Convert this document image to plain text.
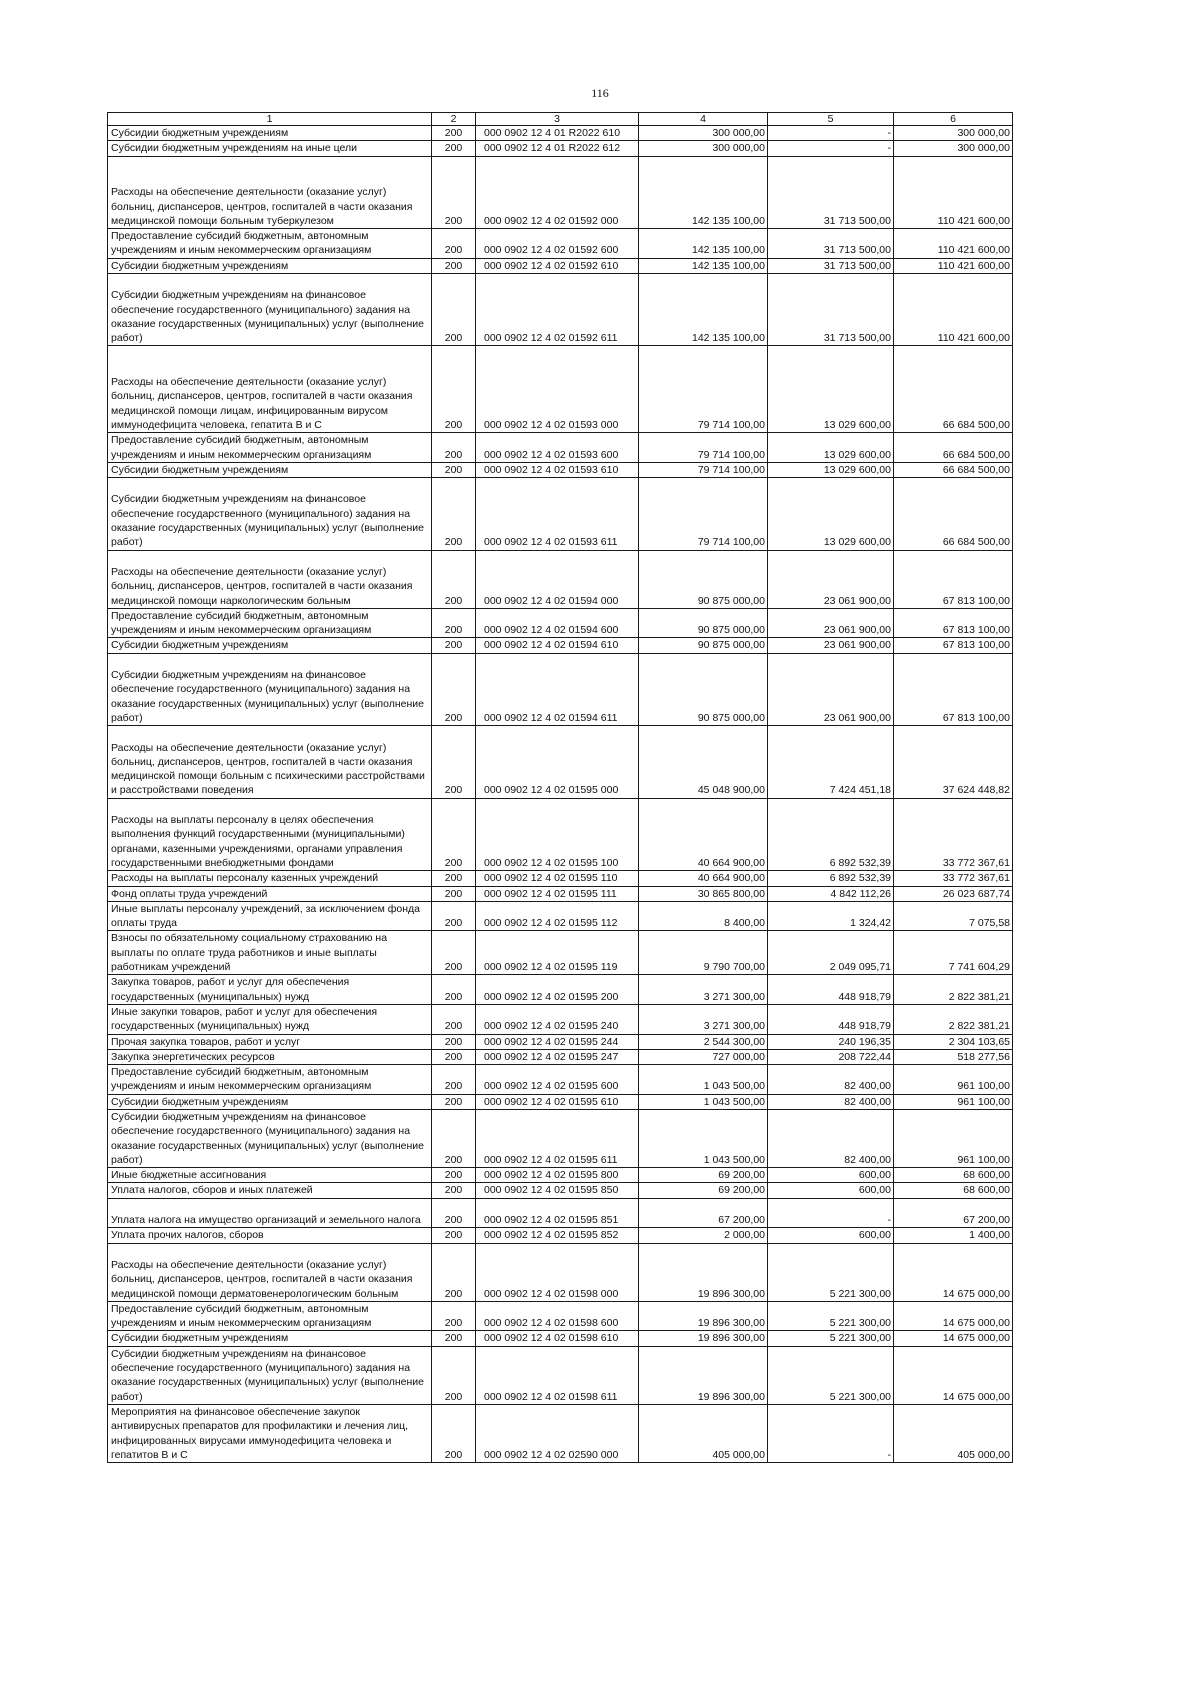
116
1	2	3	4	5	6
Субсидии бюджетным учреждениям	200	000 0902 12 4 01 R2022 610	300 000,00	-	300 000,00
Субсидии бюджетным учреждениям на иные цели	200	000 0902 12 4 01 R2022 612	300 000,00	-	300 000,00
Расходы на обеспечение деятельности (оказание услуг) больниц, диспансеров, центров, госпиталей в части оказания медицинской помощи больным туберкулезом	200	000 0902 12 4 02 01592 000	142 135 100,00	31 713 500,00	110 421 600,00
Предоставление субсидий бюджетным, автономным учреждениям и иным некоммерческим организациям	200	000 0902 12 4 02 01592 600	142 135 100,00	31 713 500,00	110 421 600,00
Субсидии бюджетным учреждениям	200	000 0902 12 4 02 01592 610	142 135 100,00	31 713 500,00	110 421 600,00
Субсидии бюджетным учреждениям на финансовое обеспечение государственного (муниципального) задания на оказание государственных (муниципальных) услуг (выполнение работ)	200	000 0902 12 4 02 01592 611	142 135 100,00	31 713 500,00	110 421 600,00
Расходы на обеспечение деятельности (оказание услуг) больниц, диспансеров, центров, госпиталей в части оказания медицинской помощи лицам, инфицированным вирусом иммунодефицита человека, гепатита В и С	200	000 0902 12 4 02 01593 000	79 714 100,00	13 029 600,00	66 684 500,00
Предоставление субсидий бюджетным, автономным учреждениям и иным некоммерческим организациям	200	000 0902 12 4 02 01593 600	79 714 100,00	13 029 600,00	66 684 500,00
Субсидии бюджетным учреждениям	200	000 0902 12 4 02 01593 610	79 714 100,00	13 029 600,00	66 684 500,00
Субсидии бюджетным учреждениям на финансовое обеспечение государственного (муниципального) задания на оказание государственных (муниципальных) услуг (выполнение работ)	200	000 0902 12 4 02 01593 611	79 714 100,00	13 029 600,00	66 684 500,00
Расходы на обеспечение деятельности (оказание услуг) больниц, диспансеров, центров, госпиталей в части оказания медицинской помощи наркологическим больным	200	000 0902 12 4 02 01594 000	90 875 000,00	23 061 900,00	67 813 100,00
Предоставление субсидий бюджетным, автономным учреждениям и иным некоммерческим организациям	200	000 0902 12 4 02 01594 600	90 875 000,00	23 061 900,00	67 813 100,00
Субсидии бюджетным учреждениям	200	000 0902 12 4 02 01594 610	90 875 000,00	23 061 900,00	67 813 100,00
Субсидии бюджетным учреждениям на финансовое обеспечение государственного (муниципального) задания на оказание государственных (муниципальных) услуг (выполнение работ)	200	000 0902 12 4 02 01594 611	90 875 000,00	23 061 900,00	67 813 100,00
Расходы на обеспечение деятельности (оказание услуг) больниц, диспансеров, центров, госпиталей в части оказания медицинской помощи больным с психическими расстройствами и расстройствами поведения	200	000 0902 12 4 02 01595 000	45 048 900,00	7 424 451,18	37 624 448,82
Расходы на выплаты персоналу в целях обеспечения выполнения функций государственными (муниципальными) органами, казенными учреждениями, органами управления государственными внебюджетными фондами	200	000 0902 12 4 02 01595 100	40 664 900,00	6 892 532,39	33 772 367,61
Расходы на выплаты персоналу казенных учреждений	200	000 0902 12 4 02 01595 110	40 664 900,00	6 892 532,39	33 772 367,61
Фонд оплаты труда учреждений	200	000 0902 12 4 02 01595 111	30 865 800,00	4 842 112,26	26 023 687,74
Иные выплаты персоналу учреждений, за исключением фонда оплаты труда	200	000 0902 12 4 02 01595 112	8 400,00	1 324,42	7 075,58
Взносы по обязательному социальному страхованию на выплаты по оплате труда работников и иные выплаты работникам учреждений	200	000 0902 12 4 02 01595 119	9 790 700,00	2 049 095,71	7 741 604,29
Закупка товаров, работ и услуг для обеспечения государственных (муниципальных) нужд	200	000 0902 12 4 02 01595 200	3 271 300,00	448 918,79	2 822 381,21
Иные закупки товаров, работ и услуг для обеспечения государственных (муниципальных) нужд	200	000 0902 12 4 02 01595 240	3 271 300,00	448 918,79	2 822 381,21
Прочая закупка товаров, работ и услуг	200	000 0902 12 4 02 01595 244	2 544 300,00	240 196,35	2 304 103,65
Закупка энергетических ресурсов	200	000 0902 12 4 02 01595 247	727 000,00	208 722,44	518 277,56
Предоставление субсидий бюджетным, автономным учреждениям и иным некоммерческим организациям	200	000 0902 12 4 02 01595 600	1 043 500,00	82 400,00	961 100,00
Субсидии бюджетным учреждениям	200	000 0902 12 4 02 01595 610	1 043 500,00	82 400,00	961 100,00
Субсидии бюджетным учреждениям на финансовое обеспечение государственного (муниципального) задания на оказание государственных (муниципальных) услуг (выполнение работ)	200	000 0902 12 4 02 01595 611	1 043 500,00	82 400,00	961 100,00
Иные бюджетные ассигнования	200	000 0902 12 4 02 01595 800	69 200,00	600,00	68 600,00
Уплата налогов, сборов и иных платежей	200	000 0902 12 4 02 01595 850	69 200,00	600,00	68 600,00
Уплата налога на имущество организаций и земельного налога	200	000 0902 12 4 02 01595 851	67 200,00	-	67 200,00
Уплата прочих налогов, сборов	200	000 0902 12 4 02 01595 852	2 000,00	600,00	1 400,00
Расходы на обеспечение деятельности (оказание услуг) больниц, диспансеров, центров, госпиталей в части оказания медицинской помощи дерматовенерологическим больным	200	000 0902 12 4 02 01598 000	19 896 300,00	5 221 300,00	14 675 000,00
Предоставление субсидий бюджетным, автономным учреждениям и иным некоммерческим организациям	200	000 0902 12 4 02 01598 600	19 896 300,00	5 221 300,00	14 675 000,00
Субсидии бюджетным учреждениям	200	000 0902 12 4 02 01598 610	19 896 300,00	5 221 300,00	14 675 000,00
Субсидии бюджетным учреждениям на финансовое обеспечение государственного (муниципального) задания на оказание государственных (муниципальных) услуг (выполнение работ)	200	000 0902 12 4 02 01598 611	19 896 300,00	5 221 300,00	14 675 000,00
Мероприятия на финансовое обеспечение закупок антивирусных препаратов для профилактики и лечения лиц, инфицированных вирусами иммунодефицита человека и гепатитов В и С	200	000 0902 12 4 02 02590 000	405 000,00	-	405 000,00
